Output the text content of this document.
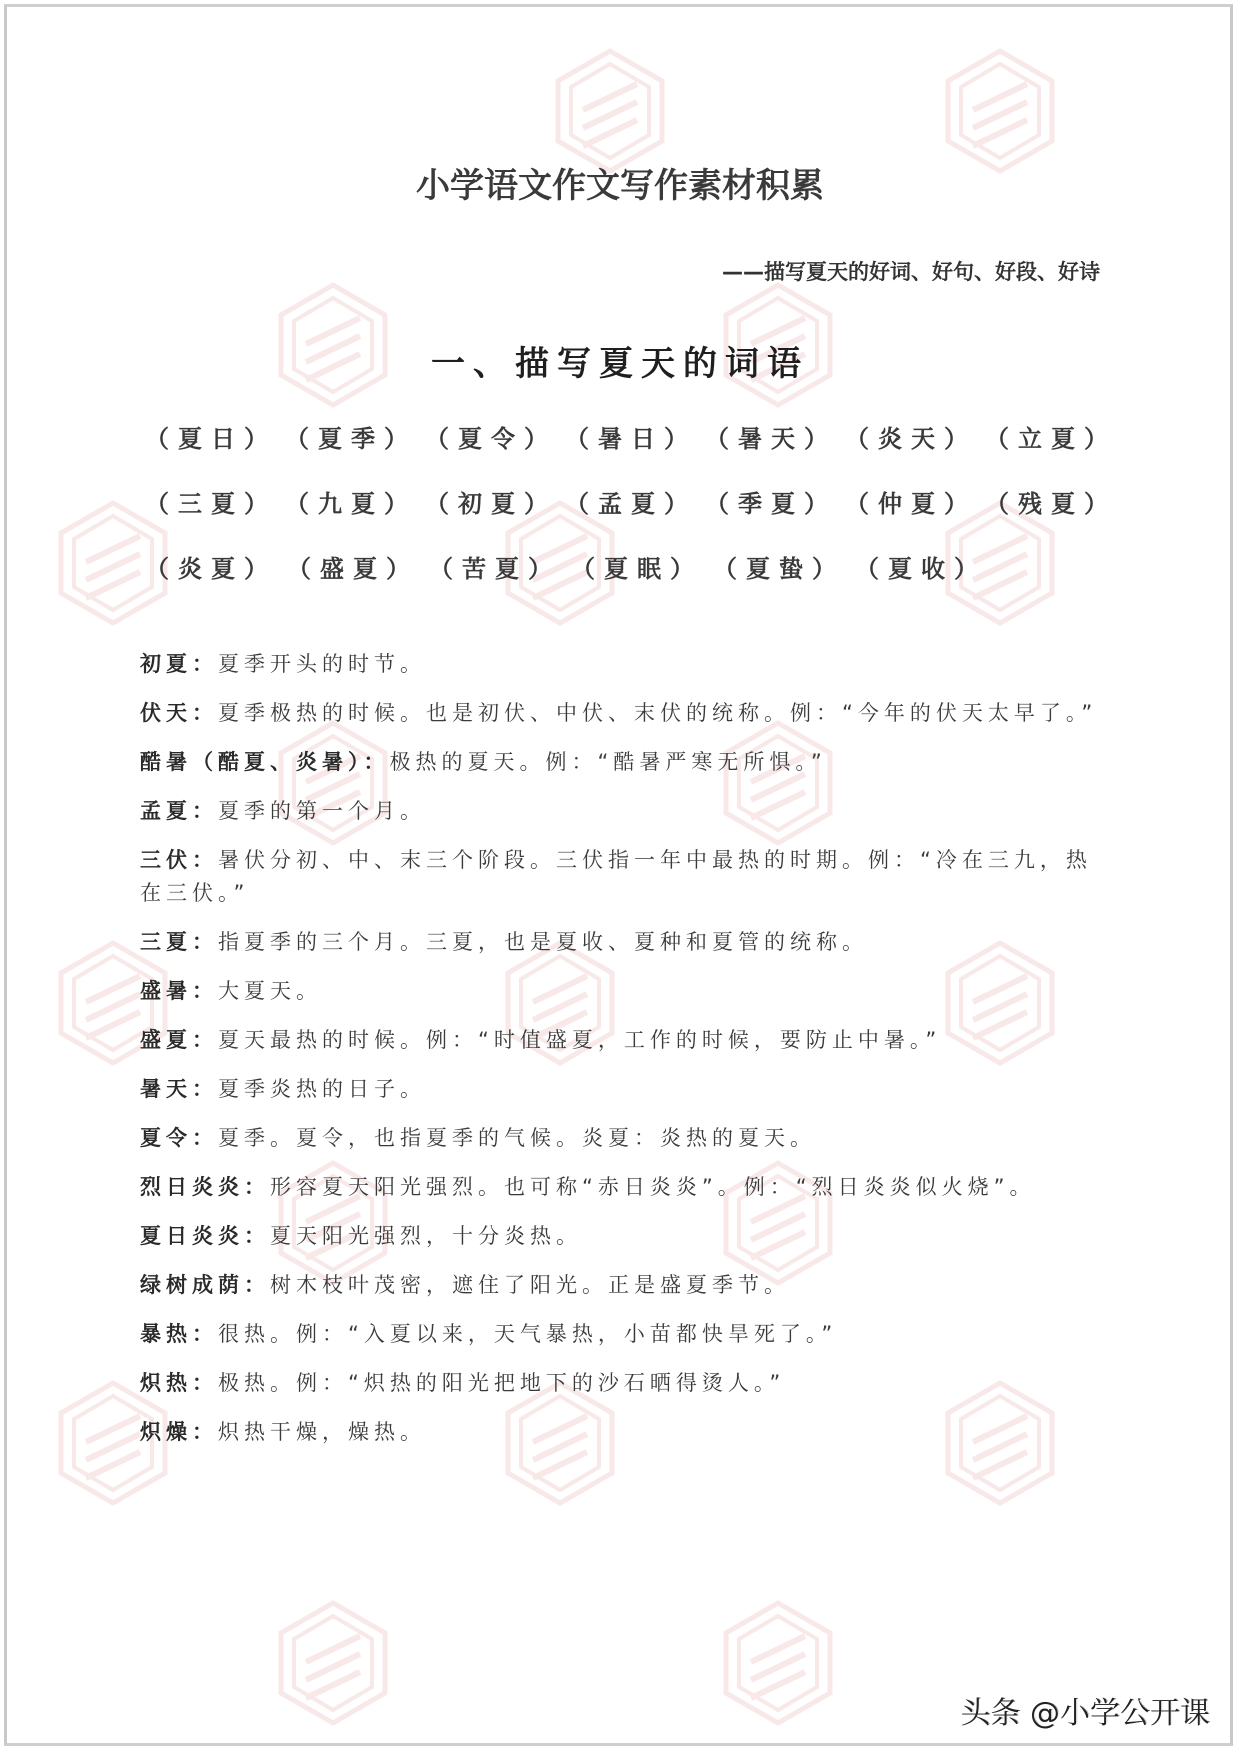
小学语文作文写作素材积累
——描写夏天的好词、好句、好段、好诗
一、描写夏天的词语
（夏日） （夏季） （夏令） （暑日） （暑天） （炎天） （立夏）
（三夏） （九夏） （初夏） （孟夏） （季夏） （仲夏） （残夏）
（炎夏） （盛夏） （苦夏） （夏眠） （夏蛰） （夏收）
初夏：夏季开头的时节。
伏天：夏季极热的时候。也是初伏、中伏、末伏的统称。例：“今年的伏天太早了。”
酷暑（酷夏、炎暑）：极热的夏天。例：“酷暑严寒无所惧。”
孟夏：夏季的第一个月。
三伏：暑伏分初、中、末三个阶段。三伏指一年中最热的时期。例：“冷在三九，热在三伏。”
三夏：指夏季的三个月。三夏，也是夏收、夏种和夏管的统称。
盛暑：大夏天。
盛夏：夏天最热的时候。例：“时值盛夏，工作的时候，要防止中暑。”
暑天：夏季炎热的日子。
夏令：夏季。夏令，也指夏季的气候。炎夏：炎热的夏天。
烈日炎炎：形容夏天阳光强烈。也可称“赤日炎炎”。例：“烈日炎炎似火烧”。
夏日炎炎：夏天阳光强烈，十分炎热。
绿树成荫：树木枝叶茂密，遮住了阳光。正是盛夏季节。
暴热：很热。例：“入夏以来，天气暴热，小苗都快旱死了。”
炽热：极热。例：“炽热的阳光把地下的沙石晒得烫人。”
炽燥：炽热干燥，燥热。
头条 @小学公开课
